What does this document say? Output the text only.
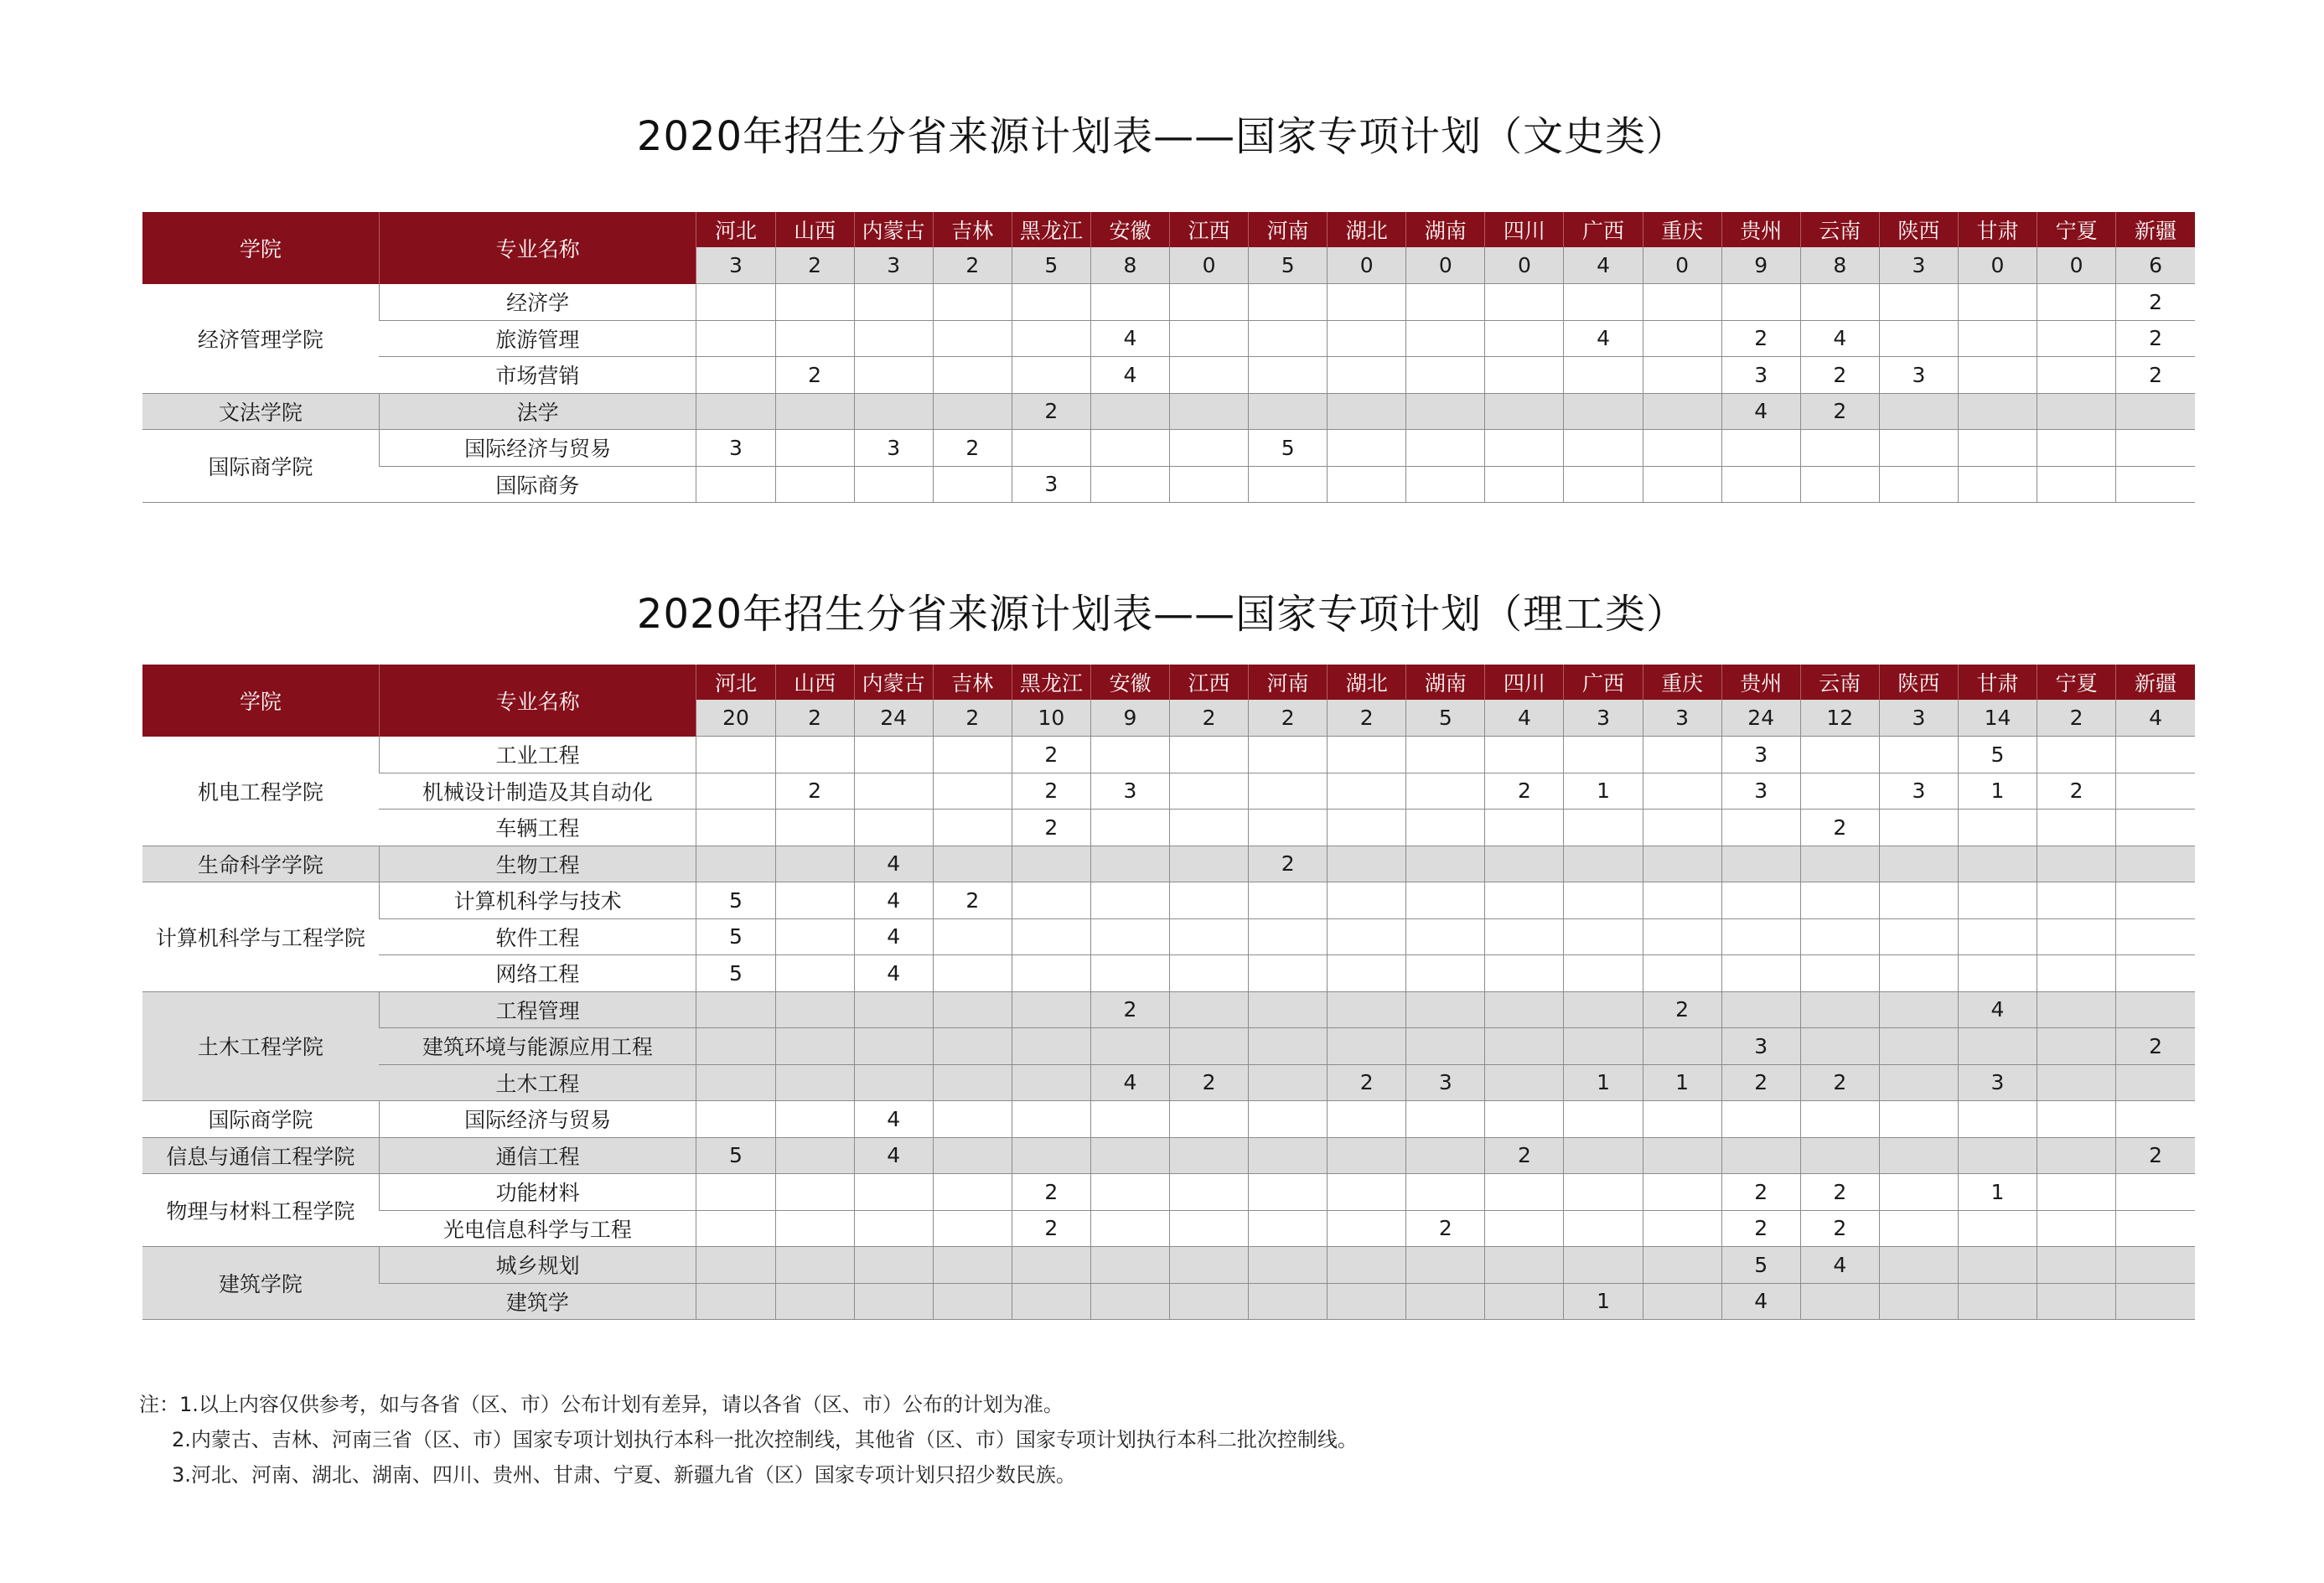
2020年招生分省来源计划表——国家专项计划（文史类）
学院	专业名称	河北	山西	内蒙古	吉林	黑龙江	安徽	江西	河南	湖北	湖南	四川	广西	重庆	贵州	云南	陕西	甘肃	宁夏	新疆
		3	2	3	2	5	8	0	5	0	0	0	4	0	9	8	3	0	0	6
经济管理学院	经济学																			2
	旅游管理						4						4		2	4				2
	市场营销		2				4								3	2	3			2
文法学院	法学					2									4	2				
国际商学院	国际经济与贸易	3		3	2				5											
	国际商务					3														
2020年招生分省来源计划表——国家专项计划（理工类）
学院	专业名称	河北	山西	内蒙古	吉林	黑龙江	安徽	江西	河南	湖北	湖南	四川	广西	重庆	贵州	云南	陕西	甘肃	宁夏	新疆
		20	2	24	2	10	9	2	2	2	5	4	3	3	24	12	3	14	2	4
机电工程学院	工业工程					2									3			5		
	机械设计制造及其自动化		2			2	3					2	1		3		3	1	2	
	车辆工程					2										2				
生命科学学院	生物工程			4					2											
计算机科学与工程学院	计算机科学与技术	5		4	2															
	软件工程	5		4																
	网络工程	5		4																
土木工程学院	工程管理						2							2				4		
	建筑环境与能源应用工程														3					2
	土木工程						4	2		2	3		1	1	2	2		3		
国际商学院	国际经济与贸易			4																
信息与通信工程学院	通信工程	5		4								2								2
物理与材料工程学院	功能材料					2									2	2		1		
	光电信息科学与工程					2					2				2	2				
建筑学院	城乡规划														5	4				
	建筑学												1		4					
注：1.以上内容仅供参考，如与各省（区、市）公布计划有差异，请以各省（区、市）公布的计划为准。
2.内蒙古、吉林、河南三省（区、市）国家专项计划执行本科一批次控制线，其他省（区、市）国家专项计划执行本科二批次控制线。
3.河北、河南、湖北、湖南、四川、贵州、甘肃、宁夏、新疆九省（区）国家专项计划只招少数民族。
